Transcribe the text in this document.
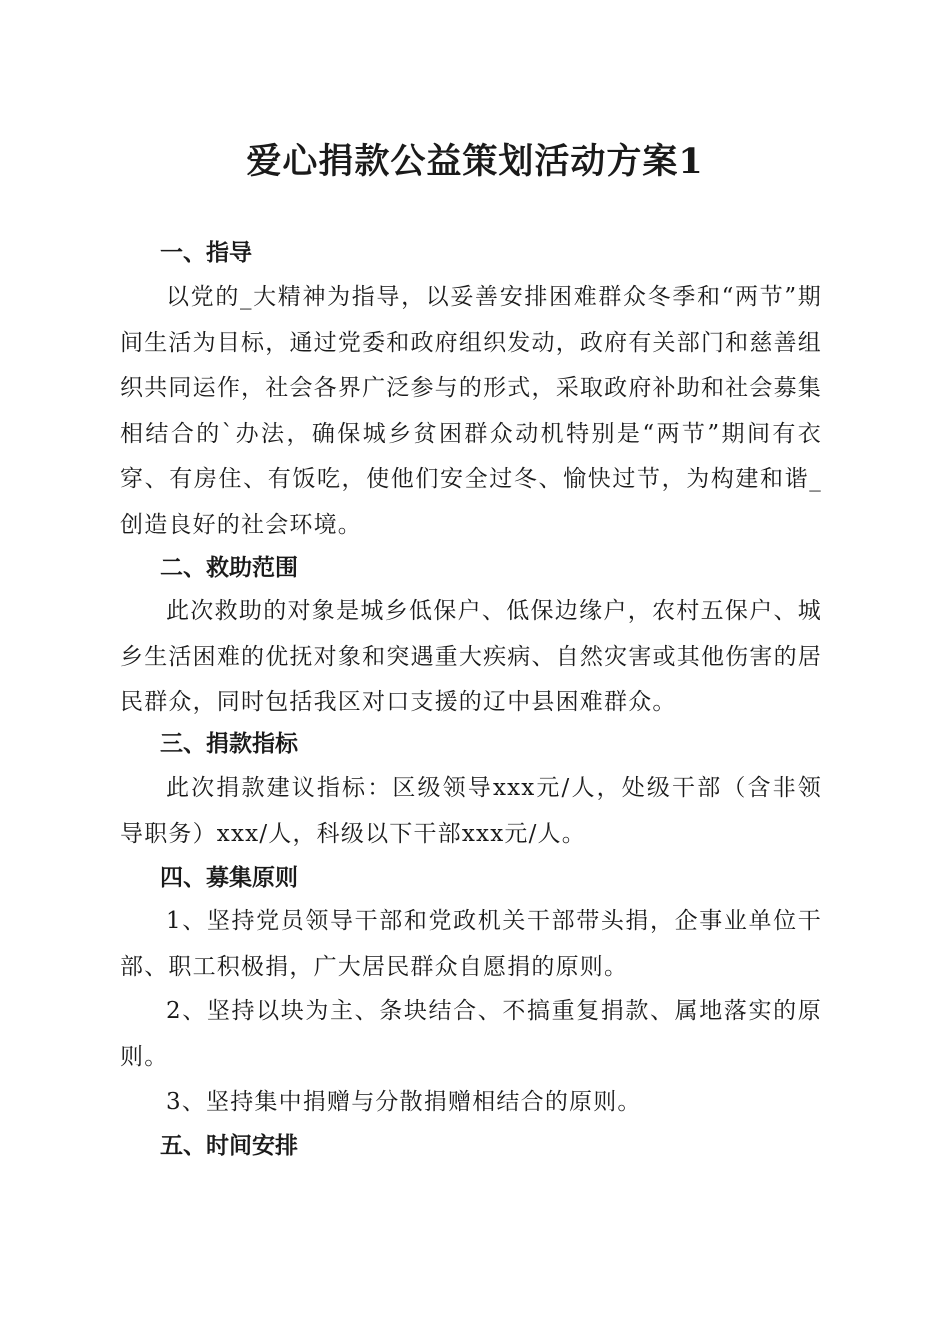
爱心捐款公益策划活动方案1
一、指导

以党的_大精神为指导，以妥善安排困难群众冬季和“两节”期间生活为目标，通过党委和政府组织发动，政府有关部门和慈善组织共同运作，社会各界广泛参与的形式，采取政府补助和社会募集相结合的`办法，确保城乡贫困群众动机特别是“两节”期间有衣穿、有房住、有饭吃，使他们安全过冬、愉快过节，为构建和谐_创造良好的社会环境。

二、救助范围

此次救助的对象是城乡低保户、低保边缘户，农村五保户、城乡生活困难的优抚对象和突遇重大疾病、自然灾害或其他伤害的居民群众，同时包括我区对口支援的辽中县困难群众。

三、捐款指标

此次捐款建议指标：区级领导xxx元/人，处级干部（含非领导职务）xxx/人，科级以下干部xxx元/人。

四、募集原则

1、坚持党员领导干部和党政机关干部带头捐，企事业单位干部、职工积极捐，广大居民群众自愿捐的原则。

2、坚持以块为主、条块结合、不搞重复捐款、属地落实的原则。

3、坚持集中捐赠与分散捐赠相结合的原则。

五、时间安排
